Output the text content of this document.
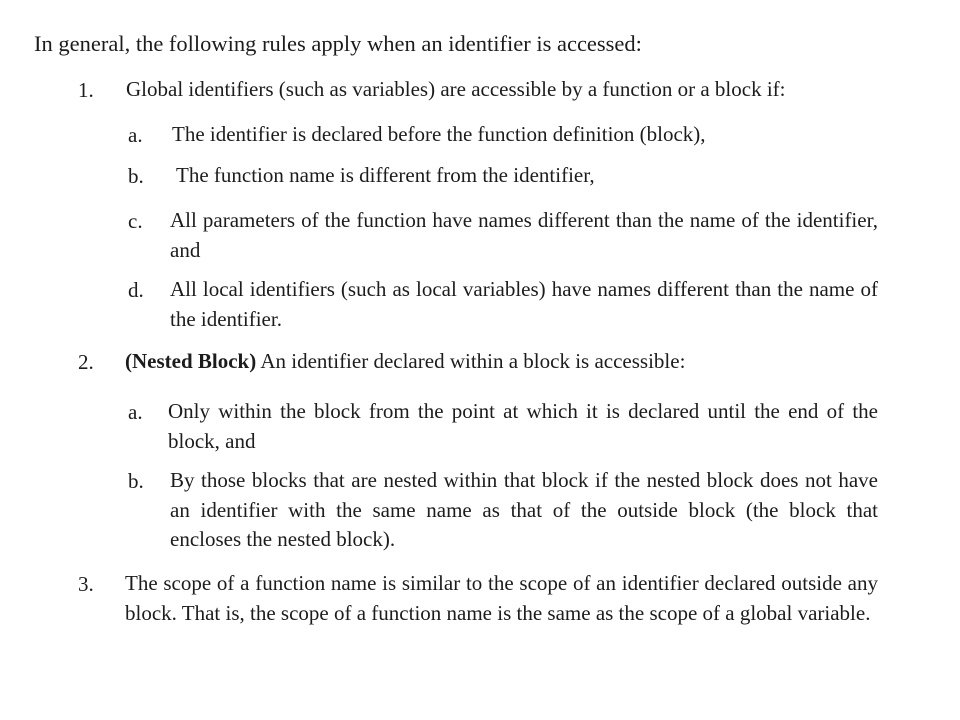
In general, the following rules apply when an identifier is accessed:
1. Global identifiers (such as variables) are accessible by a function or a block if:
a. The identifier is declared before the function definition (block),
b. The function name is different from the identifier,
c. All parameters of the function have names different than the name of the identifier, and
d. All local identifiers (such as local variables) have names different than the name of the identifier.
2. (Nested Block) An identifier declared within a block is accessible:
a. Only within the block from the point at which it is declared until the end of the block, and
b. By those blocks that are nested within that block if the nested block does not have an identifier with the same name as that of the outside block (the block that encloses the nested block).
3. The scope of a function name is similar to the scope of an identifier declared outside any block. That is, the scope of a function name is the same as the scope of a global variable.
